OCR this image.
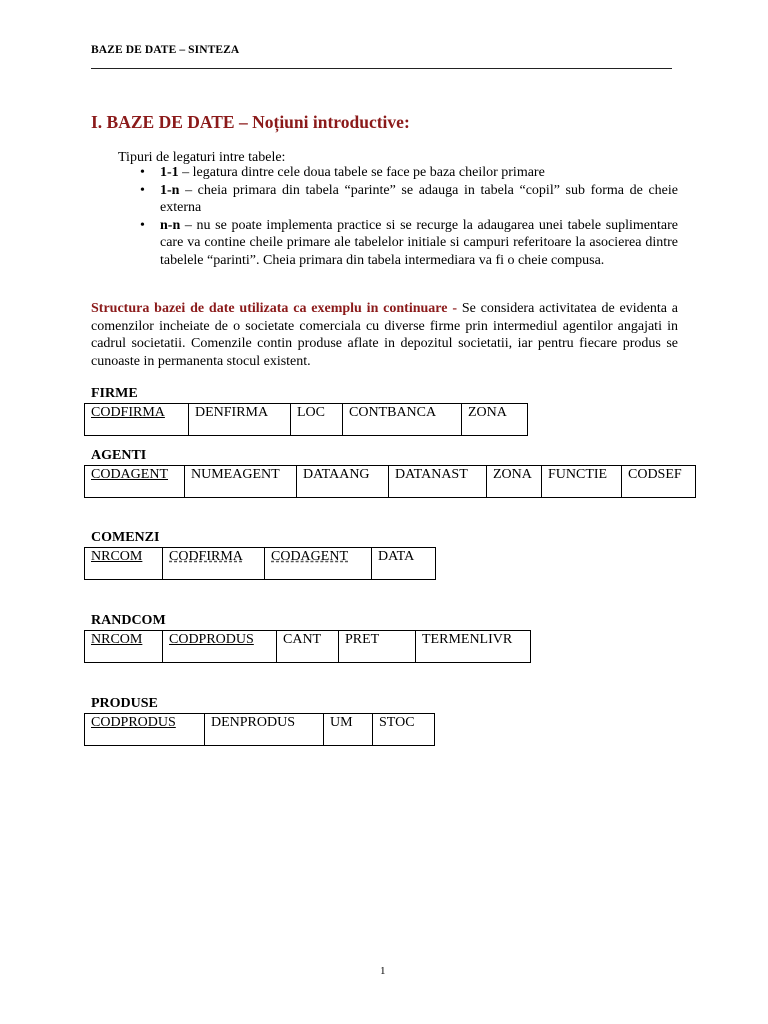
BAZE DE DATE – SINTEZA
I. BAZE DE DATE – Noțiuni introductive:
Tipuri de legaturi intre tabele:
• 1-1 – legatura dintre cele doua tabele se face pe baza cheilor primare
• 1-n – cheia primara din tabela “parinte” se adauga in tabela “copil” sub forma de cheie externa
• n-n – nu se poate implementa practice si se recurge la adaugarea unei tabele suplimentare care va contine cheile primare ale tabelelor initiale si campuri referitoare la asocierea dintre tabelele “parinti”. Cheia primara din tabela intermediara va fi o cheie compusa.
Structura bazei de date utilizata ca exemplu in continuare - Se considera activitatea de evidenta a comenzilor incheiate de o societate comerciala cu diverse firme prin intermediul agentilor angajati in cadrul societatii. Comenzile contin produse aflate in depozitul societatii, iar pentru fiecare produs se cunoaste in permanenta stocul existent.
FIRME
CODFIRMA	DENFIRMA	LOC	CONTBANCA	ZONA
AGENTI
CODAGENT	NUMEAGENT	DATAANG	DATANAST	ZONA	FUNCTIE	CODSEF
COMENZI
NRCOM	CODFIRMA	CODAGENT	DATA
RANDCOM
NRCOM	CODPRODUS	CANT	PRET	TERMENLIVR
PRODUSE
CODPRODUS	DENPRODUS	UM	STOC
1
